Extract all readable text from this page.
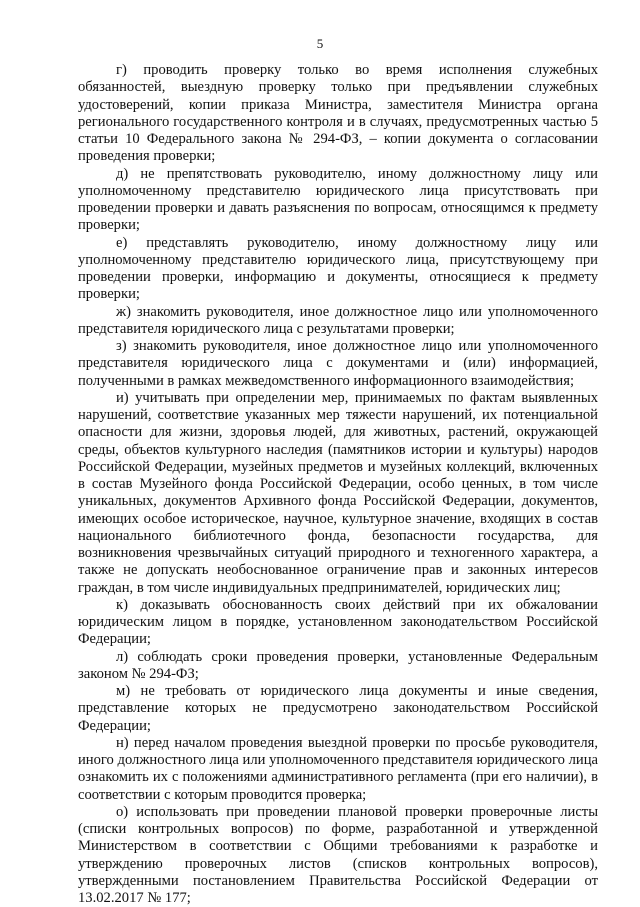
5

г) проводить проверку только во время исполнения служебных обязанностей, выездную проверку только при предъявлении служебных удостоверений, копии приказа Министра, заместителя Министра органа регионального государственного контроля и в случаях, предусмотренных частью 5 статьи 10 Федерального закона № 294-ФЗ, – копии документа о согласовании проведения проверки;

д) не препятствовать руководителю, иному должностному лицу или уполномоченному представителю юридического лица присутствовать при проведении проверки и давать разъяснения по вопросам, относящимся к предмету проверки;

е) представлять руководителю, иному должностному лицу или уполномоченному представителю юридического лица, присутствующему при проведении проверки, информацию и документы, относящиеся к предмету проверки;

ж) знакомить руководителя, иное должностное лицо или уполномоченного представителя юридического лица с результатами проверки;

з) знакомить руководителя, иное должностное лицо или уполномоченного представителя юридического лица с документами и (или) информацией, полученными в рамках межведомственного информационного взаимодействия;

и) учитывать при определении мер, принимаемых по фактам выявленных нарушений, соответствие указанных мер тяжести нарушений, их потенциальной опасности для жизни, здоровья людей, для животных, растений, окружающей среды, объектов культурного наследия (памятников истории и культуры) народов Российской Федерации, музейных предметов и музейных коллекций, включенных в состав Музейного фонда Российской Федерации, особо ценных, в том числе уникальных, документов Архивного фонда Российской Федерации, документов, имеющих особое историческое, научное, культурное значение, входящих в состав национального библиотечного фонда, безопасности государства, для возникновения чрезвычайных ситуаций природного и техногенного характера, а также не допускать необоснованное ограничение прав и законных интересов граждан, в том числе индивидуальных предпринимателей, юридических лиц;

к) доказывать обоснованность своих действий при их обжаловании юридическим лицом в порядке, установленном законодательством Российской Федерации;

л) соблюдать сроки проведения проверки, установленные Федеральным законом № 294-ФЗ;

м) не требовать от юридического лица документы и иные сведения, представление которых не предусмотрено законодательством Российской Федерации;

н) перед началом проведения выездной проверки по просьбе руководителя, иного должностного лица или уполномоченного представителя юридического лица ознакомить их с положениями административного регламента (при его наличии), в соответствии с которым проводится проверка;

о) использовать при проведении плановой проверки проверочные листы (списки контрольных вопросов) по форме, разработанной и утвержденной Министерством в соответствии с Общими требованиями к разработке и утверждению проверочных листов (списков контрольных вопросов), утвержденными постановлением Правительства Российской Федерации от 13.02.2017 № 177;
